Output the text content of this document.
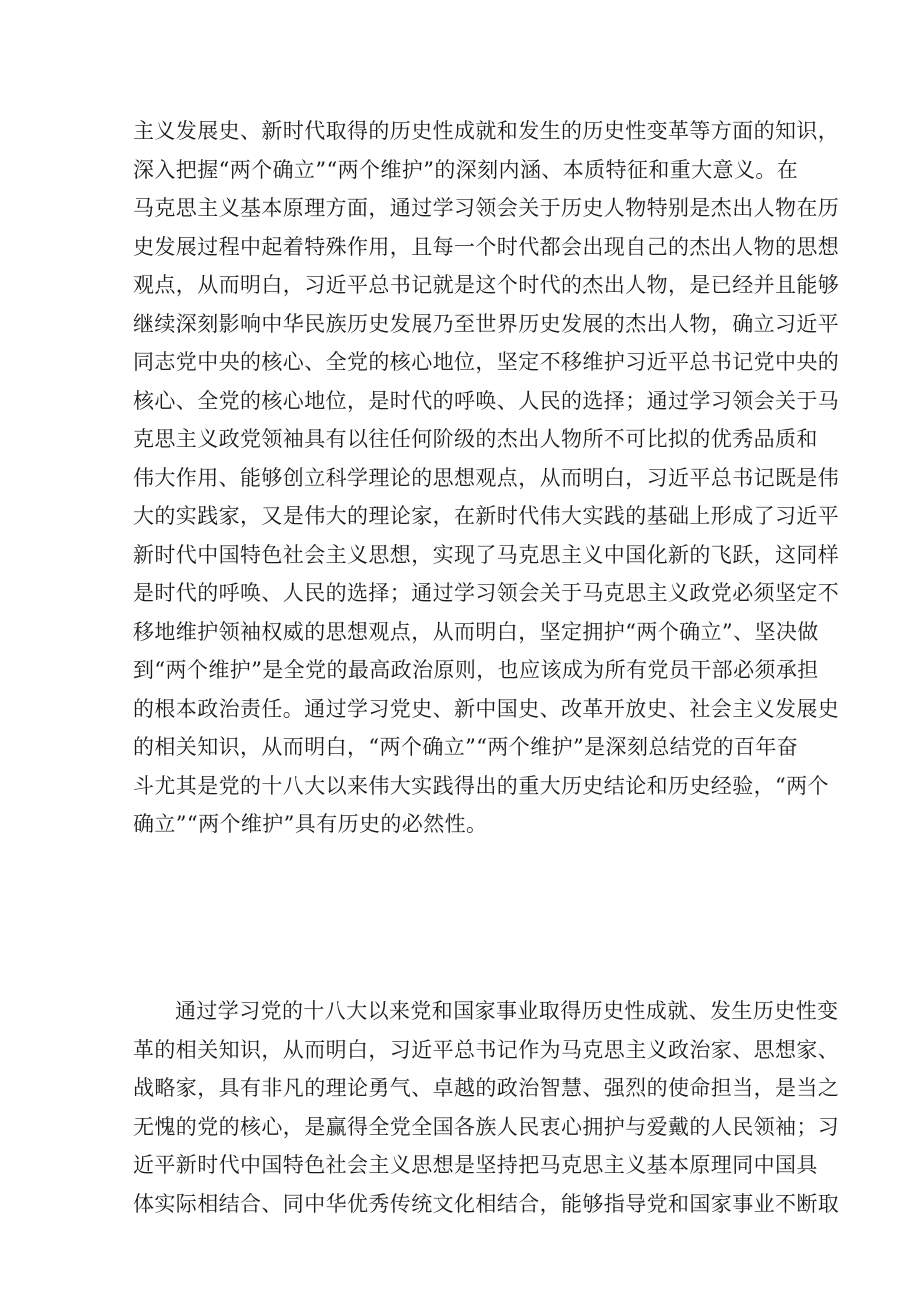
主义发展史、新时代取得的历史性成就和发生的历史性变革等方面的知识，
深入把握“两个确立”“两个维护”的深刻内涵、本质特征和重大意义。在
马克思主义基本原理方面，通过学习领会关于历史人物特别是杰出人物在历
史发展过程中起着特殊作用，且每一个时代都会出现自己的杰出人物的思想
观点，从而明白，习近平总书记就是这个时代的杰出人物，是已经并且能够
继续深刻影响中华民族历史发展乃至世界历史发展的杰出人物，确立习近平
同志党中央的核心、全党的核心地位，坚定不移维护习近平总书记党中央的
核心、全党的核心地位，是时代的呼唤、人民的选择；通过学习领会关于马
克思主义政党领袖具有以往任何阶级的杰出人物所不可比拟的优秀品质和
伟大作用、能够创立科学理论的思想观点，从而明白，习近平总书记既是伟
大的实践家，又是伟大的理论家，在新时代伟大实践的基础上形成了习近平
新时代中国特色社会主义思想，实现了马克思主义中国化新的飞跃，这同样
是时代的呼唤、人民的选择；通过学习领会关于马克思主义政党必须坚定不
移地维护领袖权威的思想观点，从而明白，坚定拥护“两个确立”、坚决做
到“两个维护”是全党的最高政治原则，也应该成为所有党员干部必须承担
的根本政治责任。通过学习党史、新中国史、改革开放史、社会主义发展史
的相关知识，从而明白，“两个确立”“两个维护”是深刻总结党的百年奋
斗尤其是党的十八大以来伟大实践得出的重大历史结论和历史经验，“两个
确立”“两个维护”具有历史的必然性。
通过学习党的十八大以来党和国家事业取得历史性成就、发生历史性变
革的相关知识，从而明白，习近平总书记作为马克思主义政治家、思想家、
战略家，具有非凡的理论勇气、卓越的政治智慧、强烈的使命担当，是当之
无愧的党的核心，是赢得全党全国各族人民衷心拥护与爱戴的人民领袖；习
近平新时代中国特色社会主义思想是坚持把马克思主义基本原理同中国具
体实际相结合、同中华优秀传统文化相结合，能够指导党和国家事业不断取
